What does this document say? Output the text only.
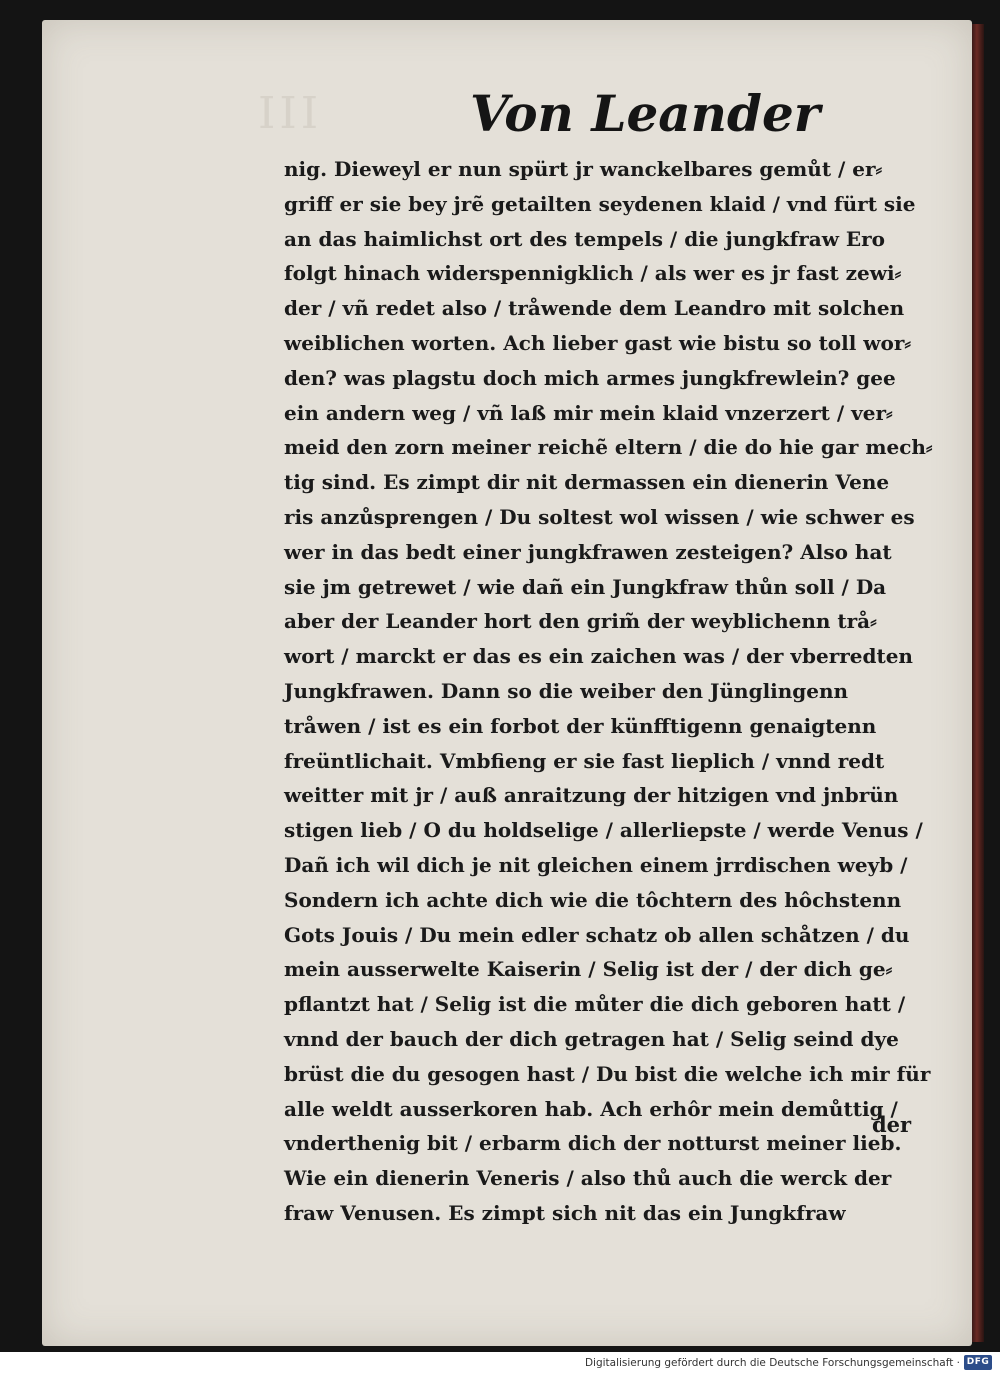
III	Von Leander
nig. Dieweyl er nun spürt jr wanckelbares gemůt / er⸗
griff er sie bey jrẽ getailten seydenen klaid / vnd fürt sie
an das haimlichst ort des tempels / die jungkfraw Ero
folgt hinach widerspennigklich / als wer es jr fast zewi⸗
der / vñ redet also / tråwende dem Leandro mit solchen
weiblichen worten. Ach lieber gast wie bistu so toll wor⸗
den? was plagstu doch mich armes jungkfrewlein? gee
ein andern weg / vñ laß mir mein klaid vnzerzert / ver⸗
meid den zorn meiner reichẽ eltern / die do hie gar mech⸗
tig sind. Es zimpt dir nit dermassen ein dienerin Vene
ris anzůsprengen / Du soltest wol wissen / wie schwer es
wer in das bedt einer jungkfrawen zesteigen? Also hat
sie jm getrewet / wie dañ ein Jungkfraw thůn soll / Da
aber der Leander hort den grim̃ der weyblichenn trå⸗
wort / marckt er das es ein zaichen was / der vberredten
Jungkfrawen. Dann so die weiber den Jünglingenn
tråwen / ist es ein forbot der künfftigenn genaigtenn
freüntlichait. Vmbfieng er sie fast lieplich / vnnd redt
weitter mit jr / auß anraitzung der hitzigen vnd jnbrün
stigen lieb / O du holdselige / allerliepste / werde Venus /
Dañ ich wil dich je nit gleichen einem jrrdischen weyb /
Sondern ich achte dich wie die tôchtern des hôchstenn
Gots Jouis / Du mein edler schatz ob allen schåtzen / du
mein ausserwelte Kaiserin / Selig ist der / der dich ge⸗
pflantzt hat / Selig ist die můter die dich geboren hatt /
vnnd der bauch der dich getragen hat / Selig seind dye
brüst die du gesogen hast / Du bist die welche ich mir für
alle weldt ausserkoren hab. Ach erhôr mein demůttig /
vnderthenig bit / erbarm dich der notturst meiner lieb.
Wie ein dienerin Veneris / also thů auch die werck der
fraw Venusen. Es zimpt sich nit das ein Jungkfraw
der
Digitalisierung gefördert durch die Deutsche Forschungsgemeinschaft · DFG
